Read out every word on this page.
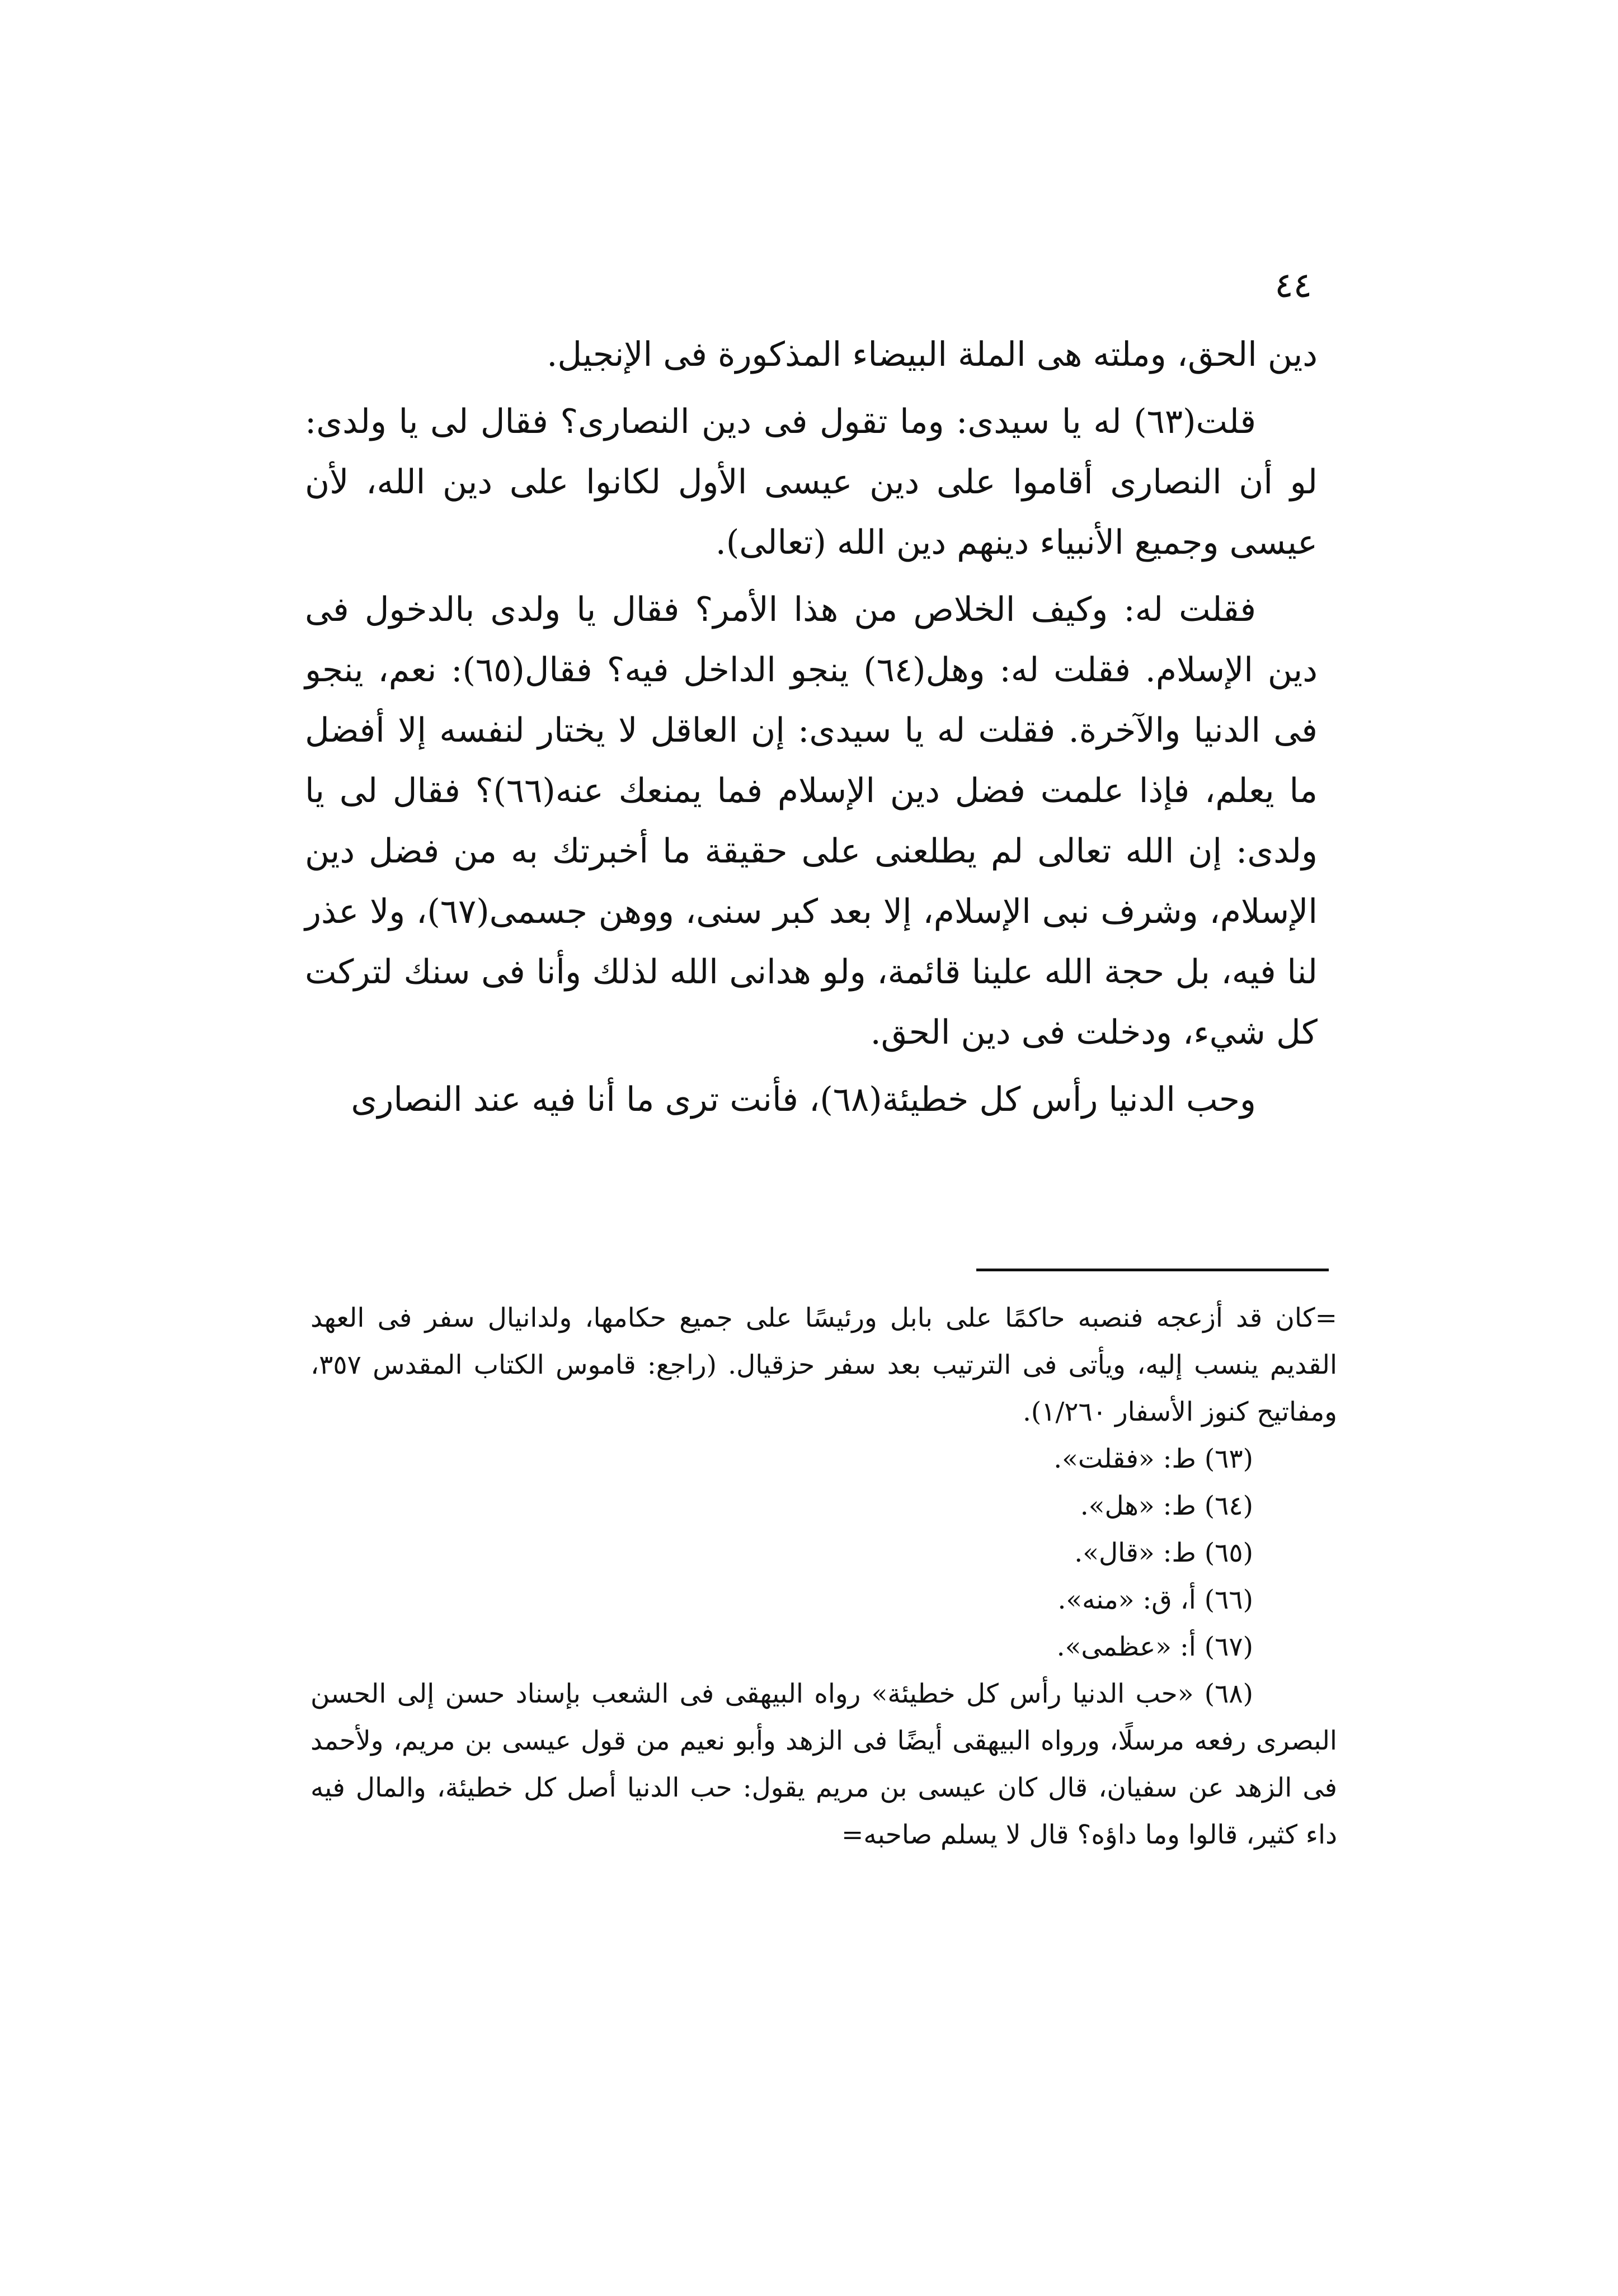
٤٤

دين الحق، وملته هى الملة البيضاء المذكورة فى الإنجيل.

قلت(٦٣) له يا سيدى: وما تقول فى دين النصارى؟ فقال لى يا ولدى: لو أن النصارى أقاموا على دين عيسى الأول لكانوا على دين الله، لأن عيسى وجميع الأنبياء دينهم دين الله (تعالى).

فقلت له: وكيف الخلاص من هذا الأمر؟ فقال يا ولدى بالدخول فى دين الإسلام. فقلت له: وهل(٦٤) ينجو الداخل فيه؟ فقال(٦٥): نعم، ينجو فى الدنيا والآخرة. فقلت له يا سيدى: إن العاقل لا يختار لنفسه إلا أفضل ما يعلم، فإذا علمت فضل دين الإسلام فما يمنعك عنه(٦٦)؟ فقال لى يا ولدى: إن الله تعالى لم يطلعنى على حقيقة ما أخبرتك به من فضل دين الإسلام، وشرف نبى الإسلام، إلا بعد كبر سنى، ووهن جسمى(٦٧)، ولا عذر لنا فيه، بل حجة الله علينا قائمة، ولو هدانى الله لذلك وأنا فى سنك لتركت كل شيء، ودخلت فى دين الحق.

وحب الدنيا رأس كل خطيئة(٦٨)، فأنت ترى ما أنا فيه عند النصارى

=كان قد أزعجه فنصبه حاكمًا على بابل ورئيسًا على جميع حكامها، ولدانيال سفر فى العهد القديم ينسب إليه، ويأتى فى الترتيب بعد سفر حزقيال. (راجع: قاموس الكتاب المقدس ٣٥٧، ومفاتيح كنوز الأسفار ١/٢٦٠).

(٦٣) ط: «فقلت».

(٦٤) ط: «هل».

(٦٥) ط: «قال».

(٦٦) أ، ق: «منه».

(٦٧) أ: «عظمى».

(٦٨) «حب الدنيا رأس كل خطيئة» رواه البيهقى فى الشعب بإسناد حسن إلى الحسن البصرى رفعه مرسلًا، ورواه البيهقى أيضًا فى الزهد وأبو نعيم من قول عيسى بن مريم، ولأحمد فى الزهد عن سفيان، قال كان عيسى بن مريم يقول: حب الدنيا أصل كل خطيئة، والمال فيه داء كثير، قالوا وما داؤه؟ قال لا يسلم صاحبه=
